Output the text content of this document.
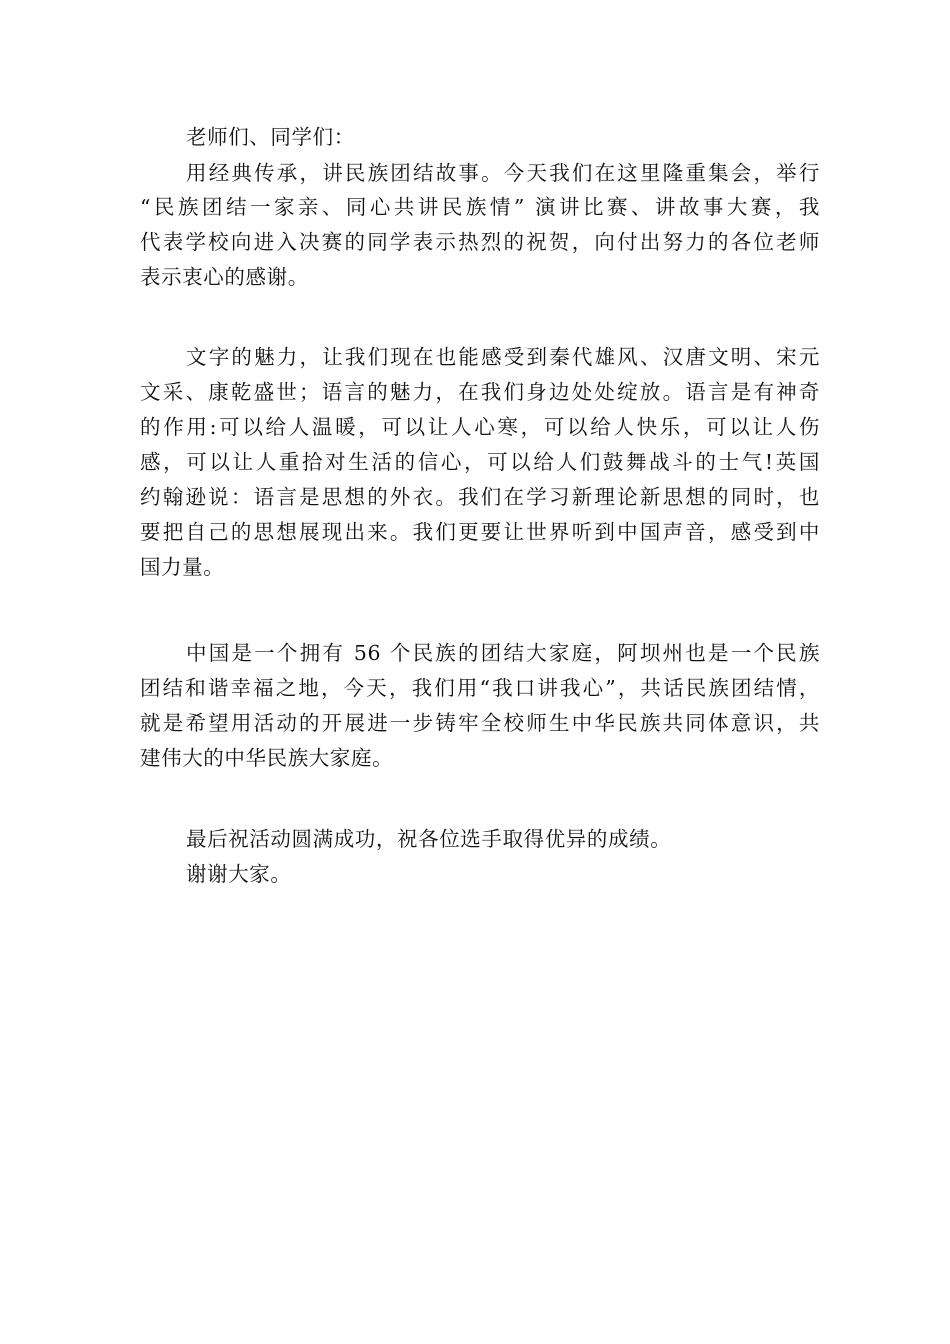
老师们、同学们：
用经典传承，讲民族团结故事。今天我们在这里隆重集会，举行
“民族团结一家亲、同心共讲民族情” 演讲比赛、讲故事大赛，我
代表学校向进入决赛的同学表示热烈的祝贺，向付出努力的各位老师
表示衷心的感谢。
文字的魅力，让我们现在也能感受到秦代雄风、汉唐文明、宋元
文采、康乾盛世；语言的魅力，在我们身边处处绽放。语言是有神奇
的作用:可以给人温暖，可以让人心寒，可以给人快乐，可以让人伤
感，可以让人重拾对生活的信心，可以给人们鼓舞战斗的士气!英国
约翰逊说：语言是思想的外衣。我们在学习新理论新思想的同时，也
要把自己的思想展现出来。我们更要让世界听到中国声音，感受到中
国力量。
中国是一个拥有 56 个民族的团结大家庭，阿坝州也是一个民族
团结和谐幸福之地，今天，我们用“我口讲我心”，共话民族团结情，
就是希望用活动的开展进一步铸牢全校师生中华民族共同体意识，共
建伟大的中华民族大家庭。
最后祝活动圆满成功，祝各位选手取得优异的成绩。
谢谢大家。
